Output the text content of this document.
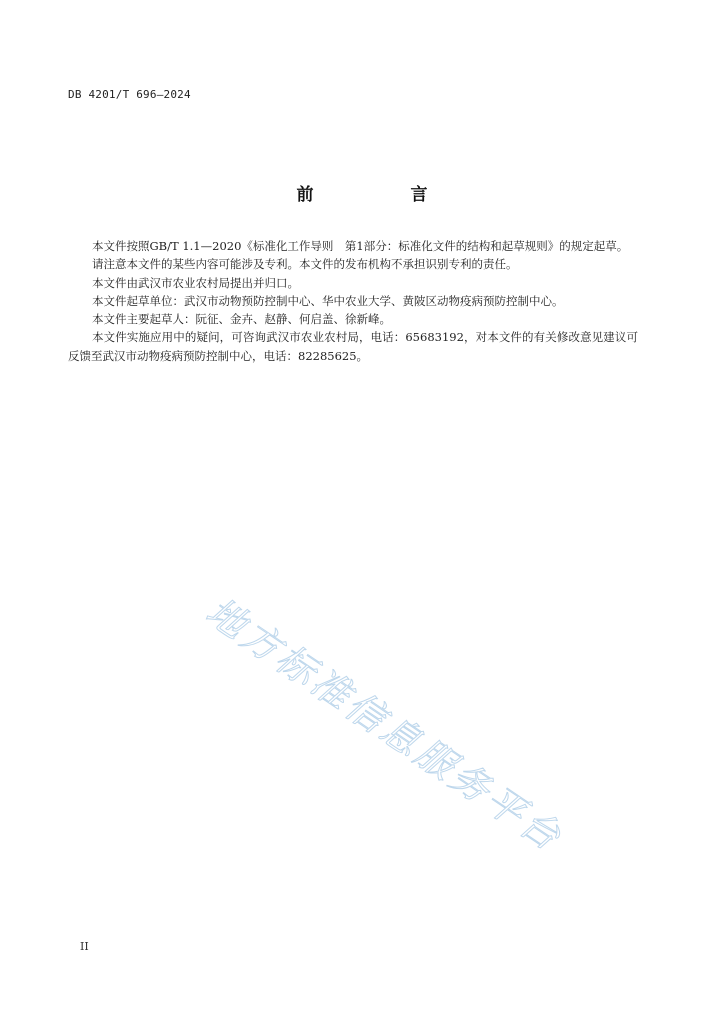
DB 4201/T 696—2024
前　言

本文件按照GB/T 1.1—2020《标准化工作导则　第1部分：标准化文件的结构和起草规则》的规定起草。

请注意本文件的某些内容可能涉及专利。本文件的发布机构不承担识别专利的责任。

本文件由武汉市农业农村局提出并归口。

本文件起草单位：武汉市动物预防控制中心、华中农业大学、黄陂区动物疫病预防控制中心。

本文件主要起草人：阮征、金卉、赵静、何启盖、徐新峰。

本文件实施应用中的疑问，可咨询武汉市农业农村局，电话：65683192，对本文件的有关修改意见建议可反馈至武汉市动物疫病预防控制中心，电话：82285625。

地方标准信息服务平台
II
